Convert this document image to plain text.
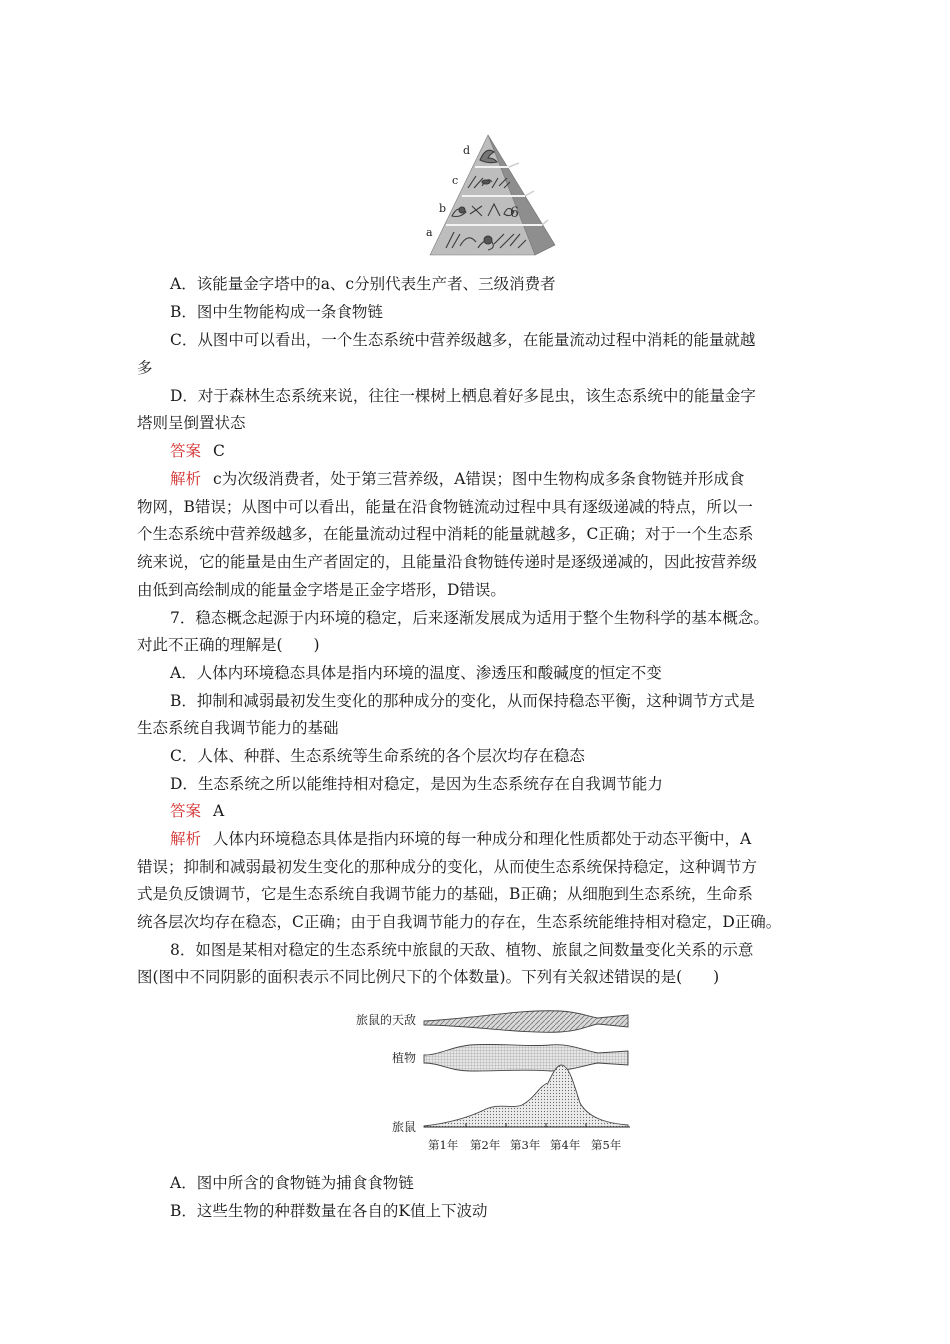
6
d
c
b
a
A．该能量金字塔中的a、c分别代表生产者、三级消费者
B．图中生物能构成一条食物链
C．从图中可以看出，一个生态系统中营养级越多，在能量流动过程中消耗的能量就越
多
D．对于森林生态系统来说，往往一棵树上栖息着好多昆虫，该生态系统中的能量金字
塔则呈倒置状态
答案 C
解析 c为次级消费者，处于第三营养级，A错误；图中生物构成多条食物链并形成食
物网，B错误；从图中可以看出，能量在沿食物链流动过程中具有逐级递减的特点，所以一
个生态系统中营养级越多，在能量流动过程中消耗的能量就越多，C正确；对于一个生态系
统来说，它的能量是由生产者固定的，且能量沿食物链传递时是逐级递减的，因此按营养级
由低到高绘制成的能量金字塔是正金字塔形，D错误。
7．稳态概念起源于内环境的稳定，后来逐渐发展成为适用于整个生物科学的基本概念。
对此不正确的理解是(　　)
A．人体内环境稳态具体是指内环境的温度、渗透压和酸碱度的恒定不变
B．抑制和减弱最初发生变化的那种成分的变化，从而保持稳态平衡，这种调节方式是
生态系统自我调节能力的基础
C．人体、种群、生态系统等生命系统的各个层次均存在稳态
D．生态系统之所以能维持相对稳定，是因为生态系统存在自我调节能力
答案 A
解析 人体内环境稳态具体是指内环境的每一种成分和理化性质都处于动态平衡中，A
错误；抑制和减弱最初发生变化的那种成分的变化，从而使生态系统保持稳定，这种调节方
式是负反馈调节，它是生态系统自我调节能力的基础，B正确；从细胞到生态系统，生命系
统各层次均存在稳态，C正确；由于自我调节能力的存在，生态系统能维持相对稳定，D正确。
8．如图是某相对稳定的生态系统中旅鼠的天敌、植物、旅鼠之间数量变化关系的示意
图(图中不同阴影的面积表示不同比例尺下的个体数量)。下列有关叙述错误的是(　　)
旅鼠的天敌
植物
旅鼠
第1年 第2年 第3年 第4年 第5年
A．图中所含的食物链为捕食食物链
B．这些生物的种群数量在各自的K值上下波动
